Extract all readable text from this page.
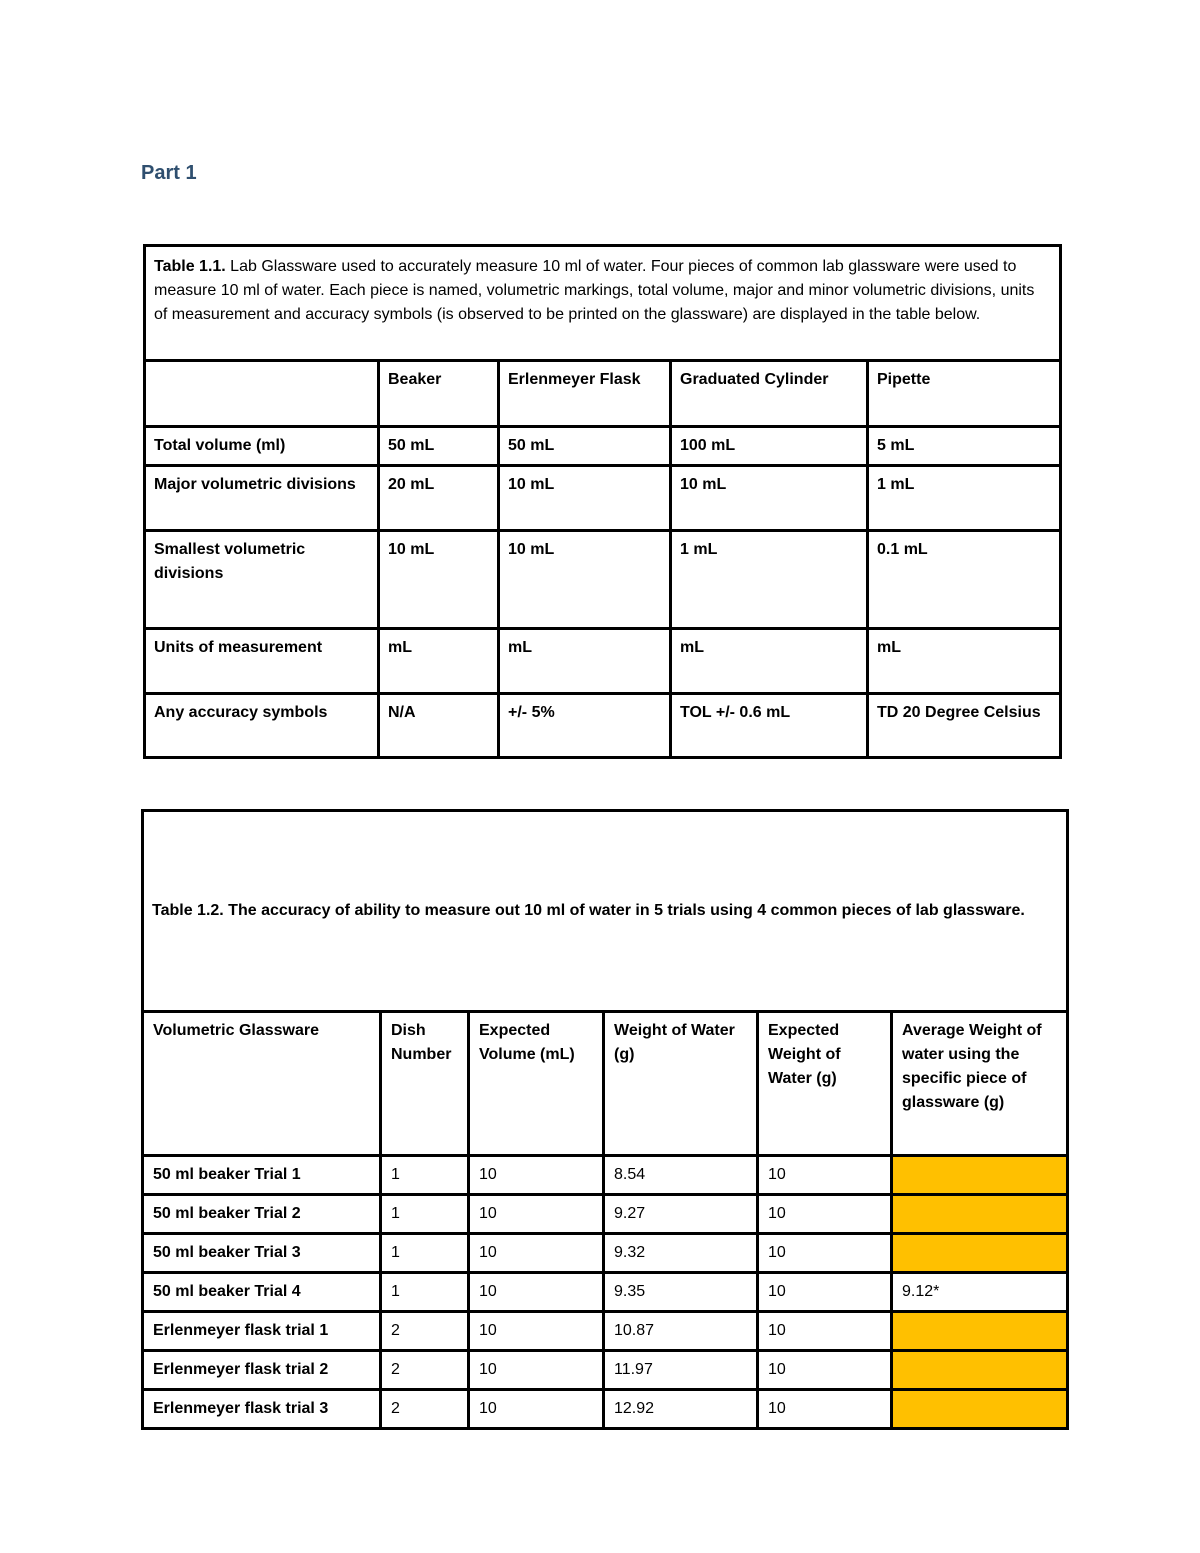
Part 1
Table 1.1. Lab Glassware used to accurately measure 10 ml of water. Four pieces of common lab glassware were used to measure 10 ml of water. Each piece is named, volumetric markings, total volume, major and minor volumetric divisions, units of measurement and accuracy symbols (is observed to be printed on the glassware) are displayed in the table below.				
	Beaker	Erlenmeyer Flask	Graduated Cylinder	Pipette
Total volume (ml)	50 mL	50 mL	100 mL	5 mL
Major volumetric divisions	20 mL	10 mL	10 mL	1 mL
Smallest volumetric divisions	10 mL	10 mL	1 mL	0.1 mL
Units of measurement	mL	mL	mL	mL
Any accuracy symbols	N/A	+/- 5%	TOL +/- 0.6 mL	TD 20 Degree Celsius
Table 1.2. The accuracy of ability to measure out 10 ml of water in 5 trials using 4 common pieces of lab glassware.					
Volumetric Glassware	Dish Number	Expected Volume (mL)	Weight of Water (g)	Expected Weight of Water (g)	Average Weight of water using the specific piece of glassware (g)
50 ml beaker Trial 1	1	10	8.54	10	
50 ml beaker Trial 2	1	10	9.27	10	
50 ml beaker Trial 3	1	10	9.32	10	
50 ml beaker Trial 4	1	10	9.35	10	9.12*
Erlenmeyer flask trial 1	2	10	10.87	10	
Erlenmeyer flask trial 2	2	10	11.97	10	
Erlenmeyer flask trial 3	2	10	12.92	10	
